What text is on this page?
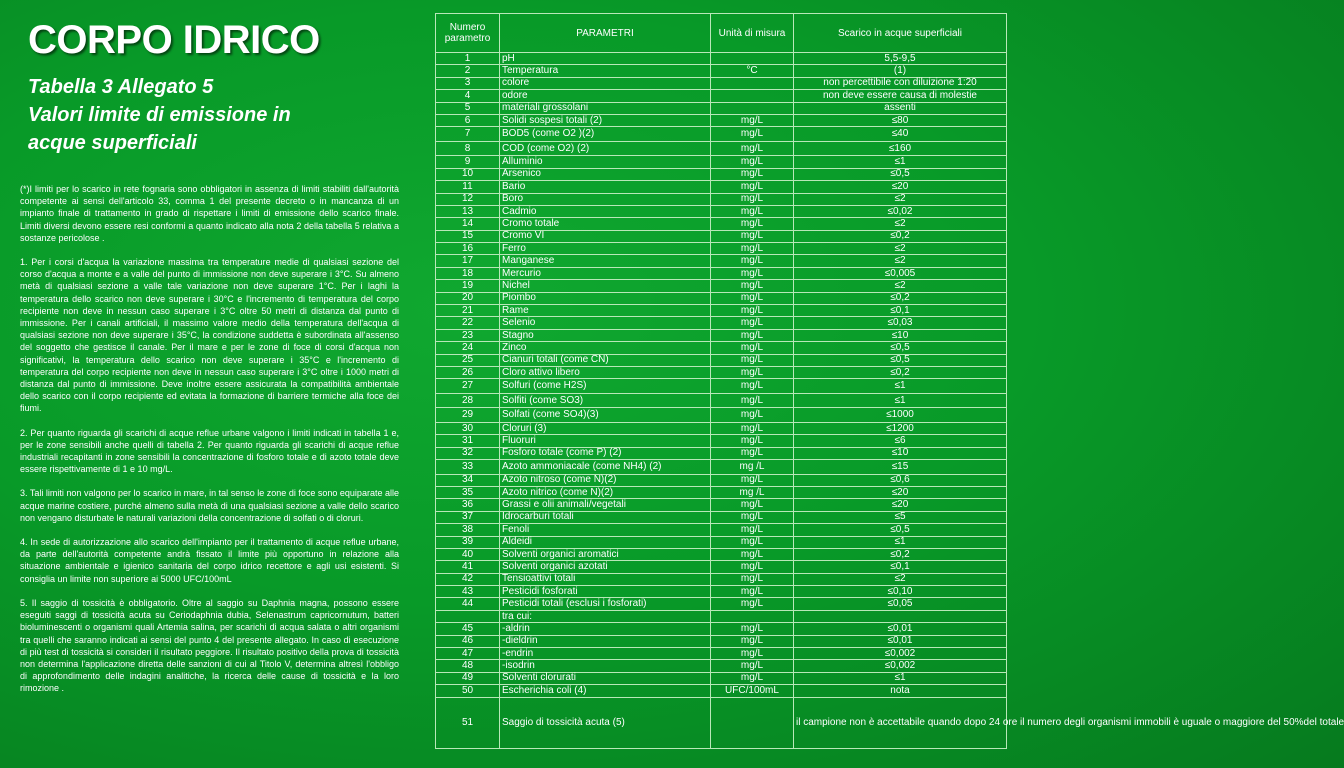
CORPO IDRICO
Tabella 3 Allegato 5
Valori limite di emissione in
acque superficiali

(*)I limiti per lo scarico in rete fognaria sono obbligatori in assenza di limiti stabiliti dall'autorità competente ai sensi dell'articolo 33, comma 1 del presente decreto o in mancanza di un impianto finale di trattamento in grado di rispettare i limiti di emissione dello scarico finale. Limiti diversi devono essere resi conformi a quanto indicato alla nota 2 della tabella 5 relativa a sostanze pericolose .

1. Per i corsi d'acqua la variazione massima tra temperature medie di qualsiasi sezione del corso d'acqua a monte e a valle del punto di immissione non deve superare i 3°C. Su almeno metà di qualsiasi sezione a valle tale variazione non deve superare 1°C. Per i laghi la temperatura dello scarico non deve superare i 30°C e l'incremento di temperatura del corpo recipiente non deve in nessun caso superare i 3°C oltre 50 metri di distanza dal punto di immissione. Per i canali artificiali, il massimo valore medio della temperatura dell'acqua di qualsiasi sezione non deve superare i 35°C, la condizione suddetta è subordinata all'assenso del soggetto che gestisce il canale. Per il mare e per le zone di foce di corsi d'acqua non significativi, la temperatura dello scarico non deve superare i 35°C e l'incremento di temperatura del corpo recipiente non deve in nessun caso superare i 3°C oltre i 1000 metri di distanza dal punto di immissione. Deve inoltre essere assicurata la compatibilità ambientale dello scarico con il corpo recipiente ed evitata la formazione di barriere termiche alla foce dei fiumi.

2. Per quanto riguarda gli scarichi di acque reflue urbane valgono i limiti indicati in tabella 1 e, per le zone sensibili anche quelli di tabella 2. Per quanto riguarda gli scarichi di acque reflue industriali recapitanti in zone sensibili la concentrazione di fosforo totale e di azoto totale deve essere rispettivamente di 1 e 10 mg/L.

3. Tali limiti non valgono per lo scarico in mare, in tal senso le zone di foce sono equiparate alle acque marine costiere, purché almeno sulla metà di una qualsiasi sezione a valle dello scarico non vengano disturbate le naturali variazioni della concentrazione di solfati o di cloruri.

4. In sede di autorizzazione allo scarico dell'impianto per il trattamento di acque reflue urbane, da parte dell'autorità competente andrà fissato il limite più opportuno in relazione alla situazione ambientale e igienico sanitaria del corpo idrico recettore e agli usi esistenti. Si consiglia un limite non superiore ai 5000 UFC/100mL

5. Il saggio di tossicità è obbligatorio. Oltre al saggio su Daphnia magna, possono essere eseguiti saggi di tossicità acuta su Ceriodaphnia dubia, Selenastrum capricornutum, batteri bioluminescenti o organismi quali Artemia salina, per scarichi di acqua salata o altri organismi tra quelli che saranno indicati ai sensi del punto 4 del presente allegato. In caso di esecuzione di più test di tossicità si consideri il risultato peggiore. Il risultato positivo della prova di tossicità non determina l'applicazione diretta delle sanzioni di cui al Titolo V, determina altresì l'obbligo di approfondimento delle indagini analitiche, la ricerca delle cause di tossicità e la loro rimozione .

Numero parametro	PARAMETRI	Unità di misura	Scarico in acque superficiali
1	pH		5,5-9,5
2	Temperatura	°C	(1)
3	colore		non percettibile con diluizione 1:20
4	odore		non deve essere causa di molestie
5	materiali grossolani		assenti
6	Solidi sospesi totali (2)	mg/L	≤80
7	BOD5 (come O2 )(2)	mg/L	≤40
8	COD (come O2) (2)	mg/L	≤160
9	Alluminio	mg/L	≤1
10	Arsenico	mg/L	≤0,5
11	Bario	mg/L	≤20
12	Boro	mg/L	≤2
13	Cadmio	mg/L	≤0,02
14	Cromo totale	mg/L	≤2
15	Cromo VI	mg/L	≤0,2
16	Ferro	mg/L	≤2
17	Manganese	mg/L	≤2
18	Mercurio	mg/L	≤0,005
19	Nichel	mg/L	≤2
20	Piombo	mg/L	≤0,2
21	Rame	mg/L	≤0,1
22	Selenio	mg/L	≤0,03
23	Stagno	mg/L	≤10
24	Zinco	mg/L	≤0,5
25	Cianuri totali (come CN)	mg/L	≤0,5
26	Cloro attivo libero	mg/L	≤0,2
27	Solfuri (come H2S)	mg/L	≤1
28	Solfiti (come SO3)	mg/L	≤1
29	Solfati (come SO4)(3)	mg/L	≤1000
30	Cloruri (3)	mg/L	≤1200
31	Fluoruri	mg/L	≤6
32	Fosforo totale (come P) (2)	mg/L	≤10
33	Azoto ammoniacale (come NH4) (2)	mg /L	≤15
34	Azoto nitroso (come N)(2)	mg/L	≤0,6
35	Azoto nitrico (come N)(2)	mg /L	≤20
36	Grassi e olii animali/vegetali	mg/L	≤20
37	Idrocarburi totali	mg/L	≤5
38	Fenoli	mg/L	≤0,5
39	Aldeidi	mg/L	≤1
40	Solventi organici aromatici	mg/L	≤0,2
41	Solventi organici azotati	mg/L	≤0,1
42	Tensioattivi totali	mg/L	≤2
43	Pesticidi fosforati	mg/L	≤0,10
44	Pesticidi totali (esclusi i fosforati)	mg/L	≤0,05
	tra cui:		
45	-aldrin	mg/L	≤0,01
46	-dieldrin	mg/L	≤0,01
47	-endrin	mg/L	≤0,002
48	-isodrin	mg/L	≤0,002
49	Solventi clorurati	mg/L	≤1
50	Escherichia coli (4)	UFC/100mL	nota
51	Saggio di tossicità acuta (5)		il campione non è accettabile quando dopo 24 ore il numero degli organismi immobili è uguale o maggiore del 50%del totale
